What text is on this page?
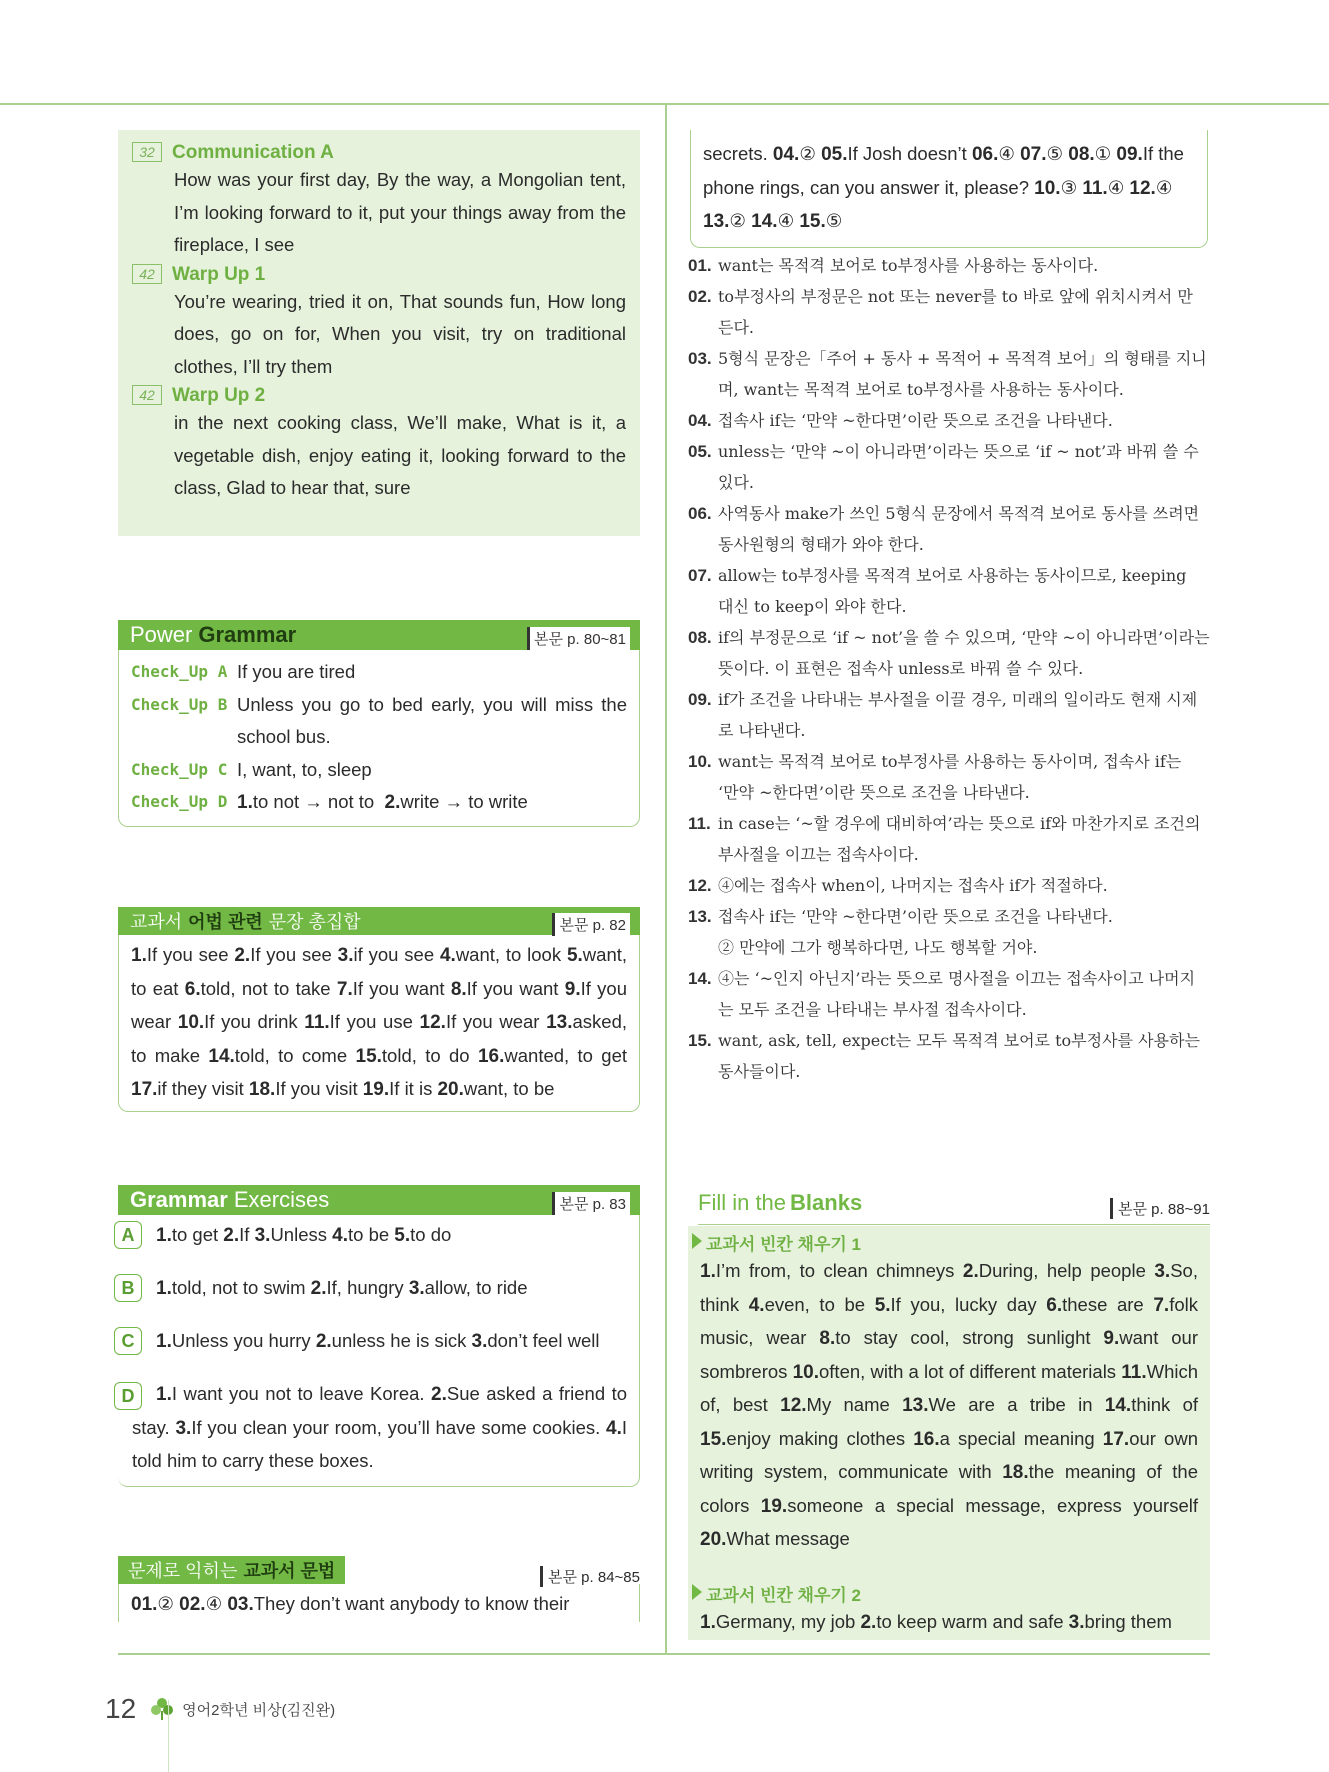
32 Communication A
How was your first day, By the way, a Mongolian tent, I’m looking forward to it, put your things away from the fireplace, I see
42 Warp Up 1
You’re wearing, tried it on, That sounds fun, How long does, go on for, When you visit, try on traditional clothes, I’ll try them
42 Warp Up 2
in the next cooking class, We’ll make, What is it, a vegetable dish, enjoy eating it, looking forward to the class, Glad to hear that, sure
Power Grammar	본문 p. 80~81
Check_Up A If you are tired
Check_Up B Unless you go to bed early, you will miss the school bus.
Check_Up C I, want, to, sleep
Check_Up D 1.to not → not to 2.write → to write
교과서 어법 관련 문장 총집합	본문 p. 82
1.If you see 2.If you see 3.if you see 4.want, to look 5.want, to eat 6.told, not to take 7.If you want 8.If you want 9.If you wear 10.If you drink 11.If you use 12.If you wear 13.asked, to make 14.told, to come 15.told, to do 16.wanted, to get 17.if they visit 18.If you visit 19.If it is 20.want, to be
Grammar Exercises	본문 p. 83
A	1.to get 2.If 3.Unless 4.to be 5.to do
B	1.told, not to swim 2.If, hungry 3.allow, to ride
C	1.Unless you hurry 2.unless he is sick 3.don’t feel well
D 1.I want you not to leave Korea. 2.Sue asked a friend to stay. 3.If you clean your room, you’ll have some cookies. 4.I told him to carry these boxes.
문제로 익히는 교과서 문법	본문 p. 84~85
01.② 02.④ 03.They don’t want anybody to know their
12	영어2학년 비상(김진완)
secrets. 04.② 05.If Josh doesn’t 06.④ 07.⑤ 08.① 09.If the phone rings, can you answer it, please? 10.③ 11.④ 12.④ 13.② 14.④ 15.⑤
01. want는 목적격 보어로 to부정사를 사용하는 동사이다.
02. to부정사의 부정문은 not 또는 never를 to 바로 앞에 위치시켜서 만
든다.
03. 5형식 문장은「주어 + 동사 + 목적어 + 목적격 보어」의 형태를 지니
며, want는 목적격 보어로 to부정사를 사용하는 동사이다.
04. 접속사 if는 ‘만약 ~한다면’이란 뜻으로 조건을 나타낸다.
05. unless는 ‘만약 ~이 아니라면’이라는 뜻으로 ‘if ~ not’과 바꿔 쓸 수
있다.
06. 사역동사 make가 쓰인 5형식 문장에서 목적격 보어로 동사를 쓰려면
동사원형의 형태가 와야 한다.
07. allow는 to부정사를 목적격 보어로 사용하는 동사이므로, keeping
대신 to keep이 와야 한다.
08. if의 부정문으로 ‘if ~ not’을 쓸 수 있으며, ‘만약 ~이 아니라면’이라는
뜻이다. 이 표현은 접속사 unless로 바꿔 쓸 수 있다.
09. if가 조건을 나타내는 부사절을 이끌 경우, 미래의 일이라도 현재 시제
로 나타낸다.
10. want는 목적격 보어로 to부정사를 사용하는 동사이며, 접속사 if는
‘만약 ~한다면’이란 뜻으로 조건을 나타낸다.
11. in case는 ‘~할 경우에 대비하여’라는 뜻으로 if와 마찬가지로 조건의
부사절을 이끄는 접속사이다.
12. ④에는 접속사 when이, 나머지는 접속사 if가 적절하다.
13. 접속사 if는 ‘만약 ~한다면’이란 뜻으로 조건을 나타낸다.
② 만약에 그가 행복하다면, 나도 행복할 거야.
14. ④는 ‘~인지 아닌지’라는 뜻으로 명사절을 이끄는 접속사이고 나머지
는 모두 조건을 나타내는 부사절 접속사이다.
15. want, ask, tell, expect는 모두 목적격 보어로 to부정사를 사용하는
동사들이다.
Fill in the Blanks	본문 p. 88~91
교과서 빈칸 채우기 1
1.I’m from, to clean chimneys 2.During, help people 3.So, think 4.even, to be 5.If you, lucky day 6.these are 7.folk music, wear 8.to stay cool, strong sunlight 9.want our sombreros 10.often, with a lot of different materials 11.Which of, best 12.My name 13.We are a tribe in 14.think of 15.enjoy making clothes 16.a special meaning 17.our own writing system, communicate with 18.the meaning of the colors 19.someone a special message, express yourself 20.What message
교과서 빈칸 채우기 2
1.Germany, my job 2.to keep warm and safe 3.bring them
